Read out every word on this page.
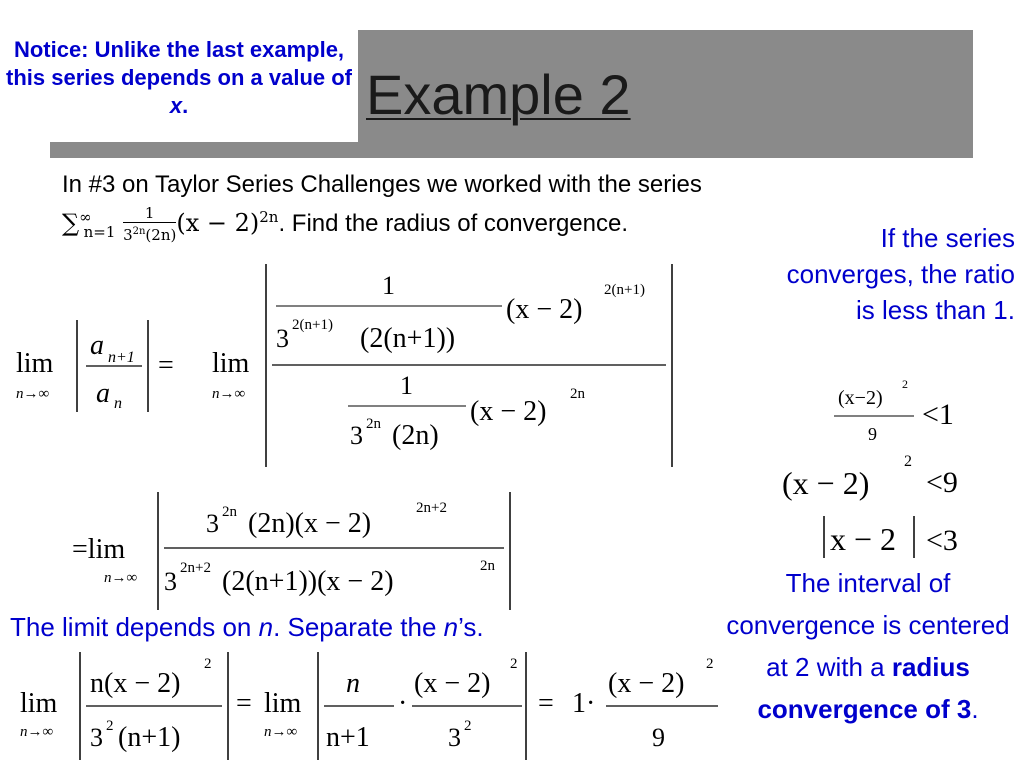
Example 2
Notice: Unlike the last example, this series depends on a value of x.
In #3 on Taylor Series Challenges we worked with the series
$\sum^\infty_{n=1} \frac{1}{3^{2n}(2n)} (x - 2)^{2n}$. Find the radius of convergence.	If the series converges, the ratio is less than 1.
lim
n→∞
a n+1
a n
= lim
n→∞
1
3 2(n+1) (2(n+1))
(x − 2)
2(n+1)
1
3 2n (2n)
(x − 2)
2n
=lim
n→∞
3 2n (2n)(x − 2)	2n+2
3 2n+2 (2(n+1))(x − 2)	2n
The limit depends on n. Separate the n’s.
lim
n→∞
n(x − 2)
2
3 2 (n+1)
= lim
n→∞
n
n+1
·
(x − 2)
2
3 2
= 1·
(x − 2)
2
9
(x−2)
2
9
<1
(x − 2)
2
<9
x − 2 <3
The interval of convergence is centered at 2 with a radius convergence of 3.
